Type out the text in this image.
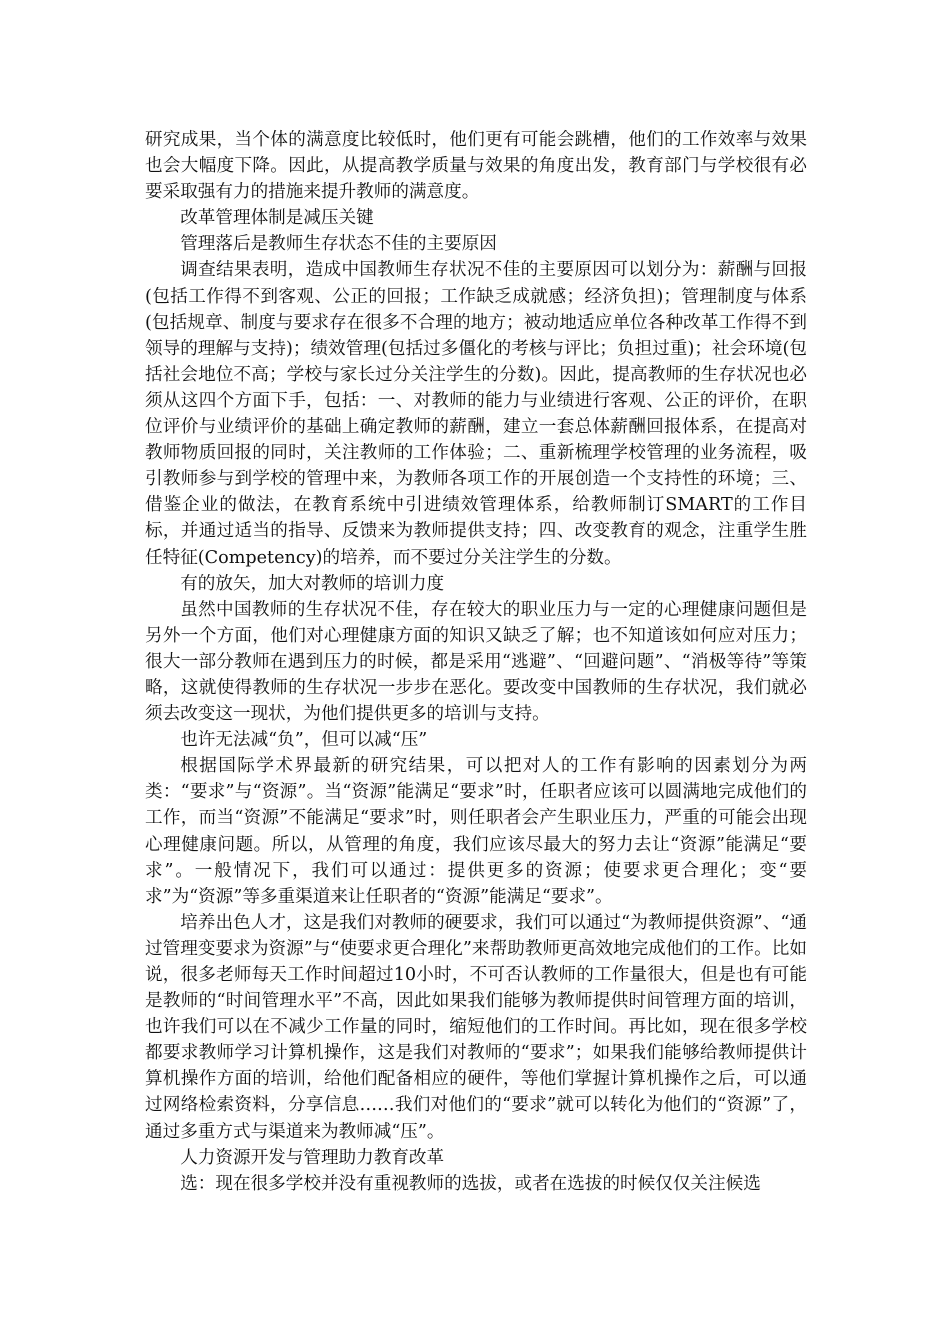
研究成果，当个体的满意度比较低时，他们更有可能会跳槽，他们的工作效率与效果也会大幅度下降。因此，从提高教学质量与效果的角度出发，教育部门与学校很有必要采取强有力的措施来提升教师的满意度。

改革管理体制是减压关键

管理落后是教师生存状态不佳的主要原因

调查结果表明，造成中国教师生存状况不佳的主要原因可以划分为：薪酬与回报(包括工作得不到客观、公正的回报；工作缺乏成就感；经济负担)；管理制度与体系(包括规章、制度与要求存在很多不合理的地方；被动地适应单位各种改革工作得不到领导的理解与支持)；绩效管理(包括过多僵化的考核与评比；负担过重)；社会环境(包括社会地位不高；学校与家长过分关注学生的分数)。因此，提高教师的生存状况也必须从这四个方面下手，包括：一、对教师的能力与业绩进行客观、公正的评价，在职位评价与业绩评价的基础上确定教师的薪酬，建立一套总体薪酬回报体系，在提高对教师物质回报的同时，关注教师的工作体验；二、重新梳理学校管理的业务流程，吸引教师参与到学校的管理中来，为教师各项工作的开展创造一个支持性的环境；三、借鉴企业的做法，在教育系统中引进绩效管理体系，给教师制订SMART的工作目标，并通过适当的指导、反馈来为教师提供支持；四、改变教育的观念，注重学生胜任特征(Competency)的培养，而不要过分关注学生的分数。

有的放矢，加大对教师的培训力度

虽然中国教师的生存状况不佳，存在较大的职业压力与一定的心理健康问题但是另外一个方面，他们对心理健康方面的知识又缺乏了解；也不知道该如何应对压力；很大一部分教师在遇到压力的时候，都是采用“逃避”、“回避问题”、“消极等待”等策略，这就使得教师的生存状况一步步在恶化。要改变中国教师的生存状况，我们就必须去改变这一现状，为他们提供更多的培训与支持。

也许无法减“负”，但可以减“压”

根据国际学术界最新的研究结果，可以把对人的工作有影响的因素划分为两类：“要求”与“资源”。当“资源”能满足“要求”时，任职者应该可以圆满地完成他们的工作，而当“资源”不能满足“要求”时，则任职者会产生职业压力，严重的可能会出现心理健康问题。所以，从管理的角度，我们应该尽最大的努力去让“资源”能满足“要求”。一般情况下，我们可以通过：提供更多的资源；使要求更合理化；变“要求”为“资源”等多重渠道来让任职者的“资源”能满足“要求”。

培养出色人才，这是我们对教师的硬要求，我们可以通过“为教师提供资源”、“通过管理变要求为资源”与“使要求更合理化”来帮助教师更高效地完成他们的工作。比如说，很多老师每天工作时间超过10小时，不可否认教师的工作量很大，但是也有可能是教师的“时间管理水平”不高，因此如果我们能够为教师提供时间管理方面的培训，也许我们可以在不减少工作量的同时，缩短他们的工作时间。再比如，现在很多学校都要求教师学习计算机操作，这是我们对教师的“要求”；如果我们能够给教师提供计算机操作方面的培训，给他们配备相应的硬件，等他们掌握计算机操作之后，可以通过网络检索资料，分享信息……我们对他们的“要求”就可以转化为他们的“资源”了，通过多重方式与渠道来为教师减“压”。

人力资源开发与管理助力教育改革

选：现在很多学校并没有重视教师的选拔，或者在选拔的时候仅仅关注候选
